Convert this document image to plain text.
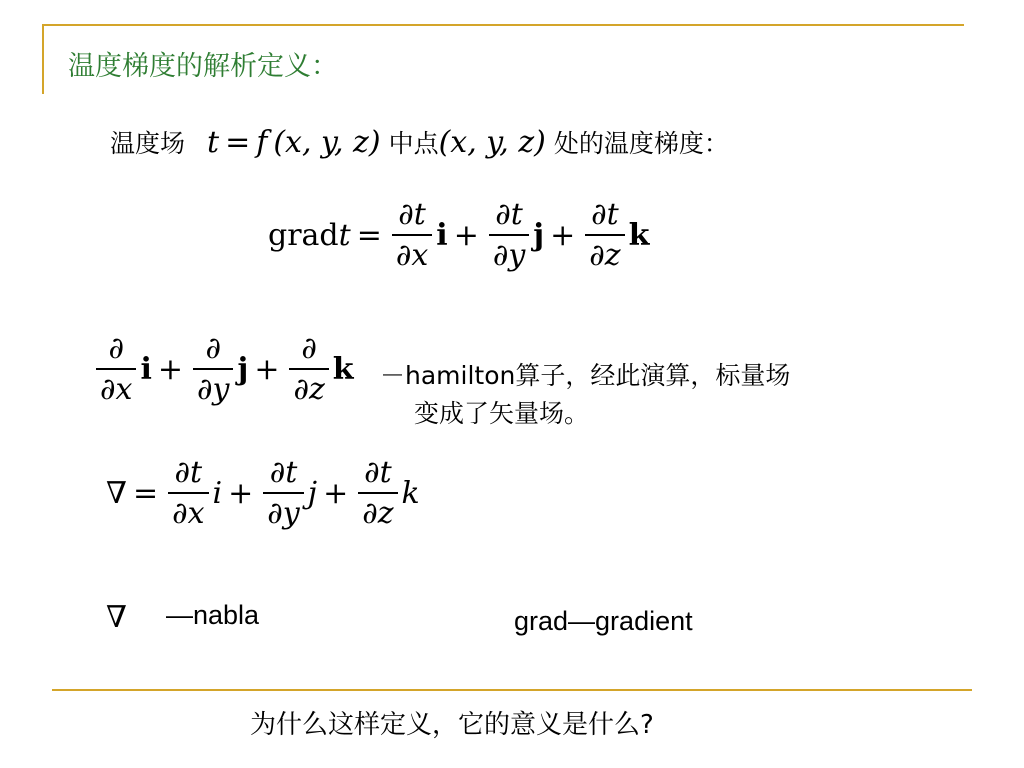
温度梯度的解析定义：
温度场 t = f (x, y, z) 中点 (x, y, z) 处的温度梯度：
grad $t = \frac{\partial t}{\partial x}$ $i + \frac{\partial t}{\partial y}$ $j + \frac{\partial t}{\partial z}$ k
$\frac{\partial}{\partial x}$ $i + \frac{\partial}{\partial y}$ $j + \frac{\partial}{\partial z}$ k －hamilton算子，经此演算，标量场
变成了矢量场。
∇ = $\frac{\partial t}{\partial x}$ $i + \frac{\partial t}{\partial y}$ $j + \frac{\partial t}{\partial z}$ k
∇ —nabla	grad—gradient
为什么这样定义，它的意义是什么?
